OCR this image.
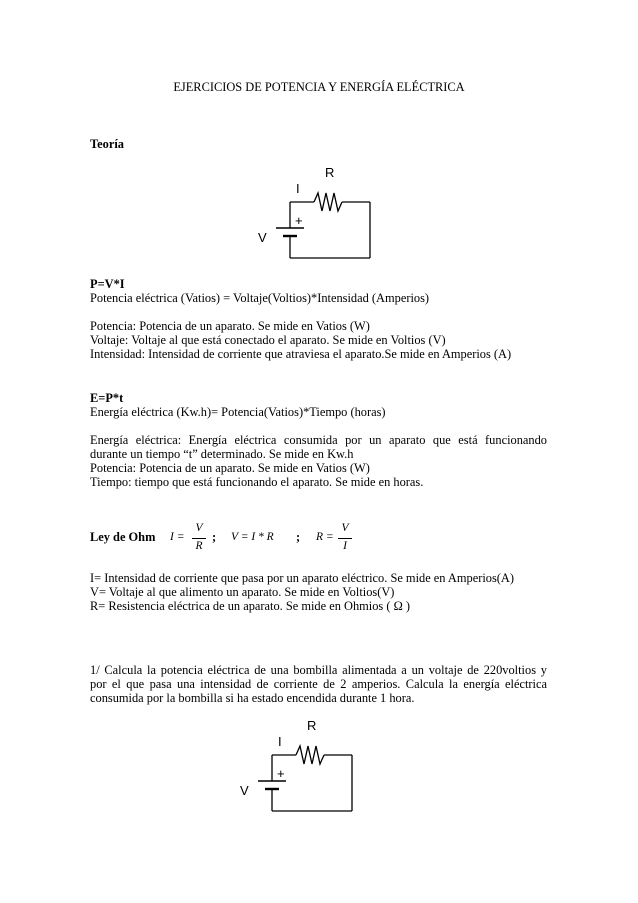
EJERCICIOS DE POTENCIA Y ENERGÍA ELÉCTRICA
Teoría
R
I
V
+
P=V*I
Potencia eléctrica (Vatios) = Voltaje(Voltios)*Intensidad (Amperios)
Potencia: Potencia de un aparato. Se mide en Vatios (W)
Voltaje: Voltaje al que está conectado el aparato. Se mide en Voltios (V)
Intensidad: Intensidad de corriente que atraviesa el aparato.Se mide en Amperios (A)
E=P*t
Energía eléctrica (Kw.h)= Potencia(Vatios)*Tiempo (horas)
Energía eléctrica: Energía eléctrica consumida por un aparato que está funcionando
durante un tiempo “t” determinado. Se mide en Kw.h
Potencia: Potencia de un aparato. Se mide en Vatios (W)
Tiempo: tiempo que está funcionando el aparato. Se mide en horas.
Ley de Ohm I =
V
R
; V = I * R ; R =
V
I
I= Intensidad de corriente que pasa por un aparato eléctrico. Se mide en Amperios(A)
V= Voltaje al que alimento un aparato. Se mide en Voltios(V)
R= Resistencia eléctrica de un aparato. Se mide en Ohmios ( Ω )
1/ Calcula la potencia eléctrica de una bombilla alimentada a un voltaje de 220voltios y
por el que pasa una intensidad de corriente de 2 amperios. Calcula la energía eléctrica
consumida por la bombilla si ha estado encendida durante 1 hora.
R
I
V
+
